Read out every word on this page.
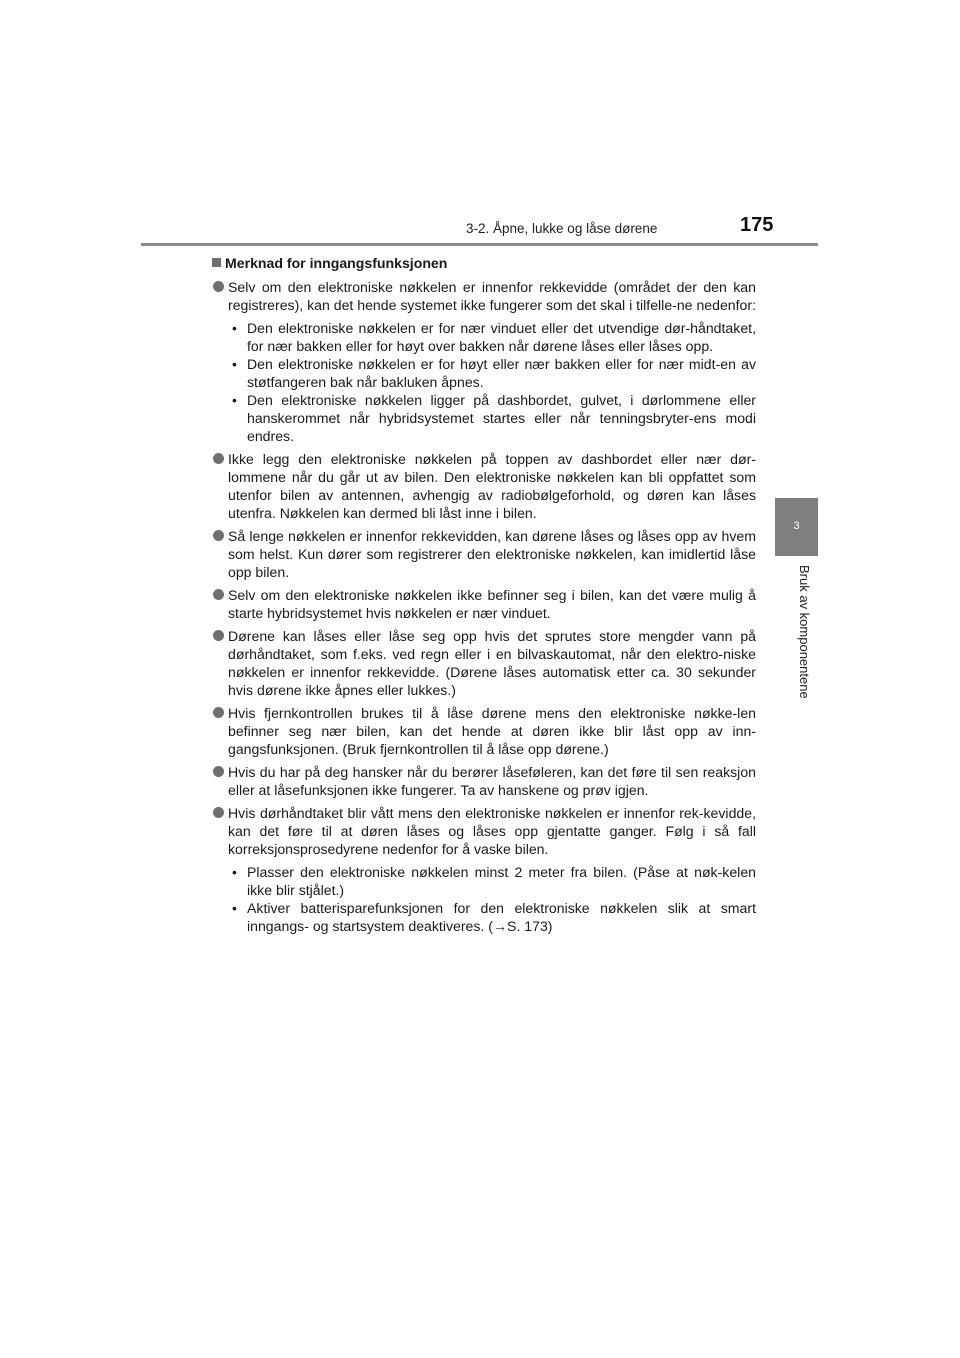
3-2. Åpne, lukke og låse dørene	175
3
Bruk av komponentene
Merknad for inngangsfunksjonen
Selv om den elektroniske nøkkelen er innenfor rekkevidde (området der den kan registreres), kan det hende systemet ikke fungerer som det skal i tilfelle-ne nedenfor:
• Den elektroniske nøkkelen er for nær vinduet eller det utvendige dør-håndtaket, for nær bakken eller for høyt over bakken når dørene låses eller låses opp.
• Den elektroniske nøkkelen er for høyt eller nær bakken eller for nær midt-en av støtfangeren bak når bakluken åpnes.
• Den elektroniske nøkkelen ligger på dashbordet, gulvet, i dørlommene eller hanskerommet når hybridsystemet startes eller når tenningsbryter-ens modi endres.
Ikke legg den elektroniske nøkkelen på toppen av dashbordet eller nær dør-lommene når du går ut av bilen. Den elektroniske nøkkelen kan bli oppfattet som utenfor bilen av antennen, avhengig av radiobølgeforhold, og døren kan låses utenfra. Nøkkelen kan dermed bli låst inne i bilen.
Så lenge nøkkelen er innenfor rekkevidden, kan dørene låses og låses opp av hvem som helst. Kun dører som registrerer den elektroniske nøkkelen, kan imidlertid låse opp bilen.
Selv om den elektroniske nøkkelen ikke befinner seg i bilen, kan det være mulig å starte hybridsystemet hvis nøkkelen er nær vinduet.
Dørene kan låses eller låse seg opp hvis det sprutes store mengder vann på dørhåndtaket, som f.eks. ved regn eller i en bilvaskautomat, når den elektro-niske nøkkelen er innenfor rekkevidde. (Dørene låses automatisk etter ca. 30 sekunder hvis dørene ikke åpnes eller lukkes.)
Hvis fjernkontrollen brukes til å låse dørene mens den elektroniske nøkke-len befinner seg nær bilen, kan det hende at døren ikke blir låst opp av inn-gangsfunksjonen. (Bruk fjernkontrollen til å låse opp dørene.)
Hvis du har på deg hansker når du berører låseføleren, kan det føre til sen reaksjon eller at låsefunksjonen ikke fungerer. Ta av hanskene og prøv igjen.
Hvis dørhåndtaket blir vått mens den elektroniske nøkkelen er innenfor rek-kevidde, kan det føre til at døren låses og låses opp gjentatte ganger. Følg i så fall korreksjonsprosedyrene nedenfor for å vaske bilen.
• Plasser den elektroniske nøkkelen minst 2 meter fra bilen. (Påse at nøk-kelen ikke blir stjålet.)
• Aktiver batterisparefunksjonen for den elektroniske nøkkelen slik at smart inngangs- og startsystem deaktiveres. (→S. 173)
